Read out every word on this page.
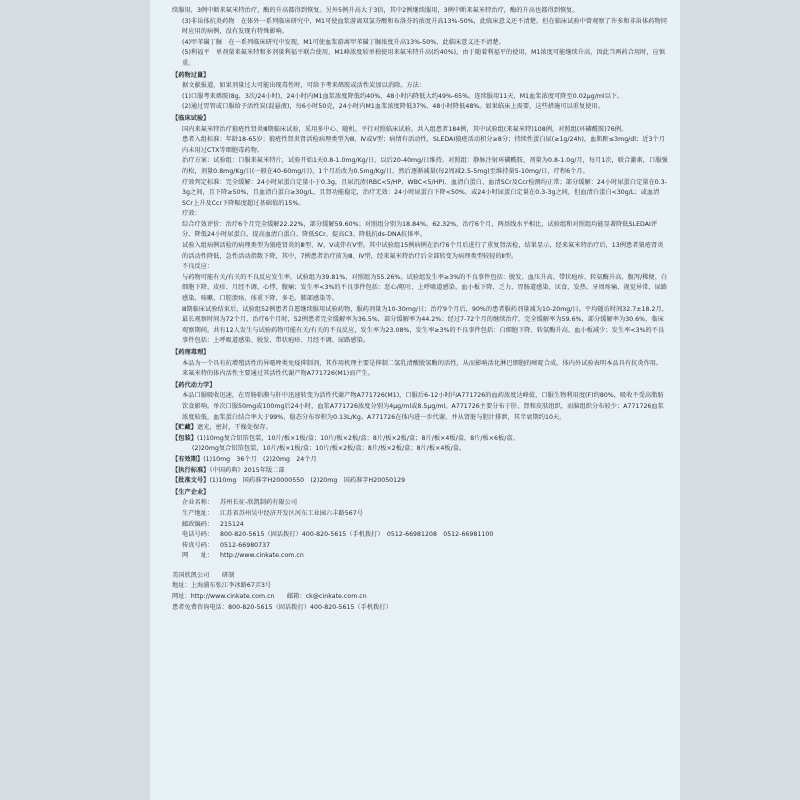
续服用，3例中断来氟米特治疗，酶的升高都得到恢复。另外5例升高大于3倍，其中2例继续服用，3例中断来氟米特治疗，酶的升高也都得到恢复。

(3)非甾体抗炎药物　在体外一系列临床研究中，M1可使血浆游离双氯芬酸和布洛芬的浓度升高13%-50%，此临床意义还不清楚。但在临床试验中曾观察了许多和非甾体药物同时应用的病例，没有发现有特殊影响。

(4)甲苯磺丁脲　在一系列临床研究中发现，M1可使血浆游离甲苯磺丁脲浓度升高13%-50%，此临床意义还不清楚。

(5)利福平　单剂量来氟米特和多剂量利福平联合使用，M1峰浓度较单独使用来氟米特升高(约40%)，由于随着利福平的使用，M1浓度可能继续升高，因此当两药合用时，应慎重。

【药物过量】

据文献报道，如果剂量过大可能出现毒性时，可给予考来烯胺或活性炭加以消除。方法：

(1)口服考来烯胺(8g，3次/24小时)，24小时内M1血浆浓度降低约40%，48小时内降低大约49%-65%。连续服用11天，M1血浆浓度可降至0.02μg/ml以下。

(2)通过胃管或口服给予活性炭(混悬液)，每6小时50克，24小时内M1血浆浓度降低37%，48小时降低48%。如果临床上需要，这些措施可以重复使用。

【临床试验】

国内来氟米特治疗狼疮性肾炎Ⅲ期临床试验，采用多中心、随机、平行对照临床试验。共入组患者184例，其中试验组(来氟米特)108例，对照组(环磷酰胺)76例。

患者入组标准：年龄18-65岁；狼疮性肾炎肾活检病理类型为Ⅲ、Ⅳ或Ⅴ型；病情有活动性，SLEDAI狼疮活动积分≥8分；持续性蛋白尿(≥1g/24h)，血肌酐≤3mg/dl；近3个月内未用过CTX等细胞毒药物。

治疗方案：试验组：口服来氟米特片，试验开始1天0.8-1.0mg/Kg/日，以后20-40mg/日维持。对照组：静脉注射环磷酰胺，剂量为0.8-1.0g/月，每月1次，联合激素，口服强的松，剂量0.8mg/Kg/日(一般在40-60mg/日)，1个月后改为0.5mg/Kg/日，然后逐渐减量(每2周减2.5-5mg)至维持量5-10mg/日，疗程6个月。

疗效判定标准：完全缓解：24小时尿蛋白定量小于0.3g，且尿沉渣(RBC<5/HP，WBC<5/HP)、血清白蛋白、血清SCr及Ccr检测均正常；部分缓解：24小时尿蛋白定量在0.3-3g之间，且下降≥50%，且血清白蛋白≥30g/L，且肾功能稳定，治疗无效：24小时尿蛋白下降<50%，或24小时尿蛋白定量在0.3-3g之间，但血清白蛋白<30g/L；或血清SCr上升及Ccr下降幅度超过基础值的15%。

疗效：

综合疗效评价：治疗6个月完全缓解22.22%，部分缓解59.60%；对照组分别为18.84%，62.32%，治疗6个月，两基线水平相比，试验组和对照组均能显著降低SLEDAI评分、降低24小时尿蛋白、提高血清白蛋白、降低SCr、提高C3、降低抗ds-DNA抗体率。

试验入组病例活检的病理类型为狼疮肾炎的Ⅲ型、Ⅳ、Ⅴ或伴有Ⅴ型。其中试验组15例病例在治疗6个月后进行了重复肾活检，结果显示，经来氟米特治疗后，13例患者狼疮肾炎的活动性降低，急性活动指数下降，其中，7例患者治疗前为Ⅲ、Ⅳ型，经来氟米特治疗后全部转变为病理类型较轻的Ⅱ型。

不良反应：

与药物可能有关/有关的不良反应发生率，试验组为39.81%，对照组为55.26%。试验组发生率≥3%的不良事件包括：脱发、血压升高、带状疱疹、转氨酶升高、腹泻/稀便、白细胞下降、皮疹、月经不调、心悸、腹痛；发生率<3%的不良事件包括：恶心/呕吐、上呼吸道感染、血小板下降、乏力、胃肠道感染、厌食、发热、牙周疼痛、视觉异常、尿路感染、咳嗽、口腔溃疡、体重下降、多毛、肺部感染等。

Ⅲ期临床试验结束后，试验组52例患者自愿继续服用试验药物，服药剂量为10-30mg/日；治疗9个月后，90%的患者服药剂量减为10-20mg/日。平均随访时间32.7±18.2月，最长观察时间为72个月，治疗6个月时，52例患者完全缓解率为36.5%，部分缓解率为44.2%；经过7-72个月的继续治疗，完全缓解率为59.6%，部分缓解率为30.6%，临床观察期间，共有12人发生与试验药物可能有关/有关的不良反应，发生率为23.08%，发生率≥3%的不良事件包括：白细胞下降、转氨酶升高、血小板减少；发生率<3%的不良事件包括：上呼吸道感染、脱发、带状疱疹、月经不调、尿路感染。

【药理毒理】

本品为一个具有抗增殖活性的异噁唑类免疫抑制剂，其作用机理主要是抑制二氢乳清酸脱氢酶的活性，从而影响活化淋巴细胞的嘧啶合成。体内外试验表明本品具有抗炎作用。来氟米特的体内活性主要通过其活性代谢产物A771726(M1)而产生。

【药代动力学】

本品口服吸收迅速，在胃肠粘膜与肝中迅速转变为活性代谢产物A771726(M1)，口服后6-12小时内A771726的血药浓度达峰值，口服生物利用度(F)约80%，吸收不受高脂肪饮食影响。单次口服50mg或100mg后24小时，血浆A771726浓度分别为4μg/ml或8.5μg/ml。A771726主要分布于肝、肾和皮肤组织，而脑组织分布较少；A771726血浆浓度较低，血浆蛋白结合率大于99%，稳态分布容积为0.13L/Kg。A771726在体内进一步代谢，并从肾脏与胆汁排泄，其半衰期约10天。

【贮藏】遮光，密封，干燥处保存。

【包装】(1)10mg复合铝箔包装，10片/板×1板/盒；10片/板×2板/盒；8片/板×2板/盒；8片/板×4板/盒，8片/板×6板/盒。

(2)20mg复合铝箔包装，10片/板×1板/盒；10片/板×2板/盒；8片/板×2板/盒；8片/板×4板/盒。

【有效期】(1)10mg　36个月　(2)20mg　24个月

【执行标准】《中国药典》2015年版二部

【批准文号】(1)10mg　国药准字H20000550　(2)20mg　国药准字H20050129

【生产企业】

企业名称：	苏州长征-欣凯制药有限公司
生产地址：	江苏省苏州吴中经济开发区河东工业园六丰路567号
邮政编码：	215124
电话号码：	800-820-5615（固话拨打）400-820-5615（手机拨打）　0512-66981208　0512-66981100
传真号码：	0512-66980737
网　　址：	http://www.cinkate.com.cn

美国欣凯公司　　研制

地址：上海浦东张江李冰路67弄3号

网址：http://www.cinkate.com.cn　　邮箱：ck@cinkate.com.cn

患者免费咨询电话：800-820-5615（固话拨打）400-820-5615（手机拨打）
